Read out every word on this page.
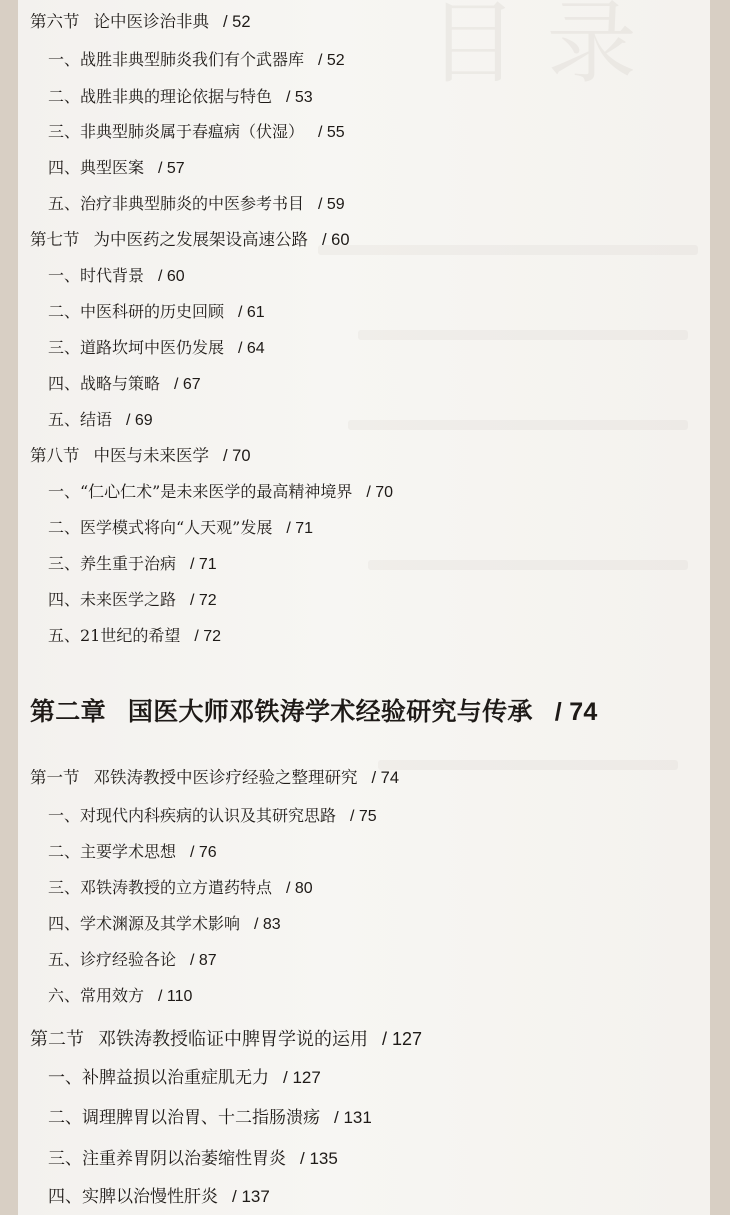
目 录
第六节 论中医诊治非典 / 52
一、战胜非典型肺炎我们有个武器库 / 52
二、战胜非典的理论依据与特色 / 53
三、非典型肺炎属于春瘟病（伏湿） / 55
四、典型医案 / 57
五、治疗非典型肺炎的中医参考书目 / 59
第七节 为中医药之发展架设高速公路 / 60
一、时代背景 / 60
二、中医科研的历史回顾 / 61
三、道路坎坷中医仍发展 / 64
四、战略与策略 / 67
五、结语 / 69
第八节 中医与未来医学 / 70
一、“仁心仁术”是未来医学的最高精神境界 / 70
二、医学模式将向“人天观”发展 / 71
三、养生重于治病 / 71
四、未来医学之路 / 72
五、21世纪的希望 / 72
第二章 国医大师邓铁涛学术经验研究与传承 / 74
第一节 邓铁涛教授中医诊疗经验之整理研究 / 74
一、对现代内科疾病的认识及其研究思路 / 75
二、主要学术思想 / 76
三、邓铁涛教授的立方遣药特点 / 80
四、学术渊源及其学术影响 / 83
五、诊疗经验各论 / 87
六、常用效方 / 110
第二节 邓铁涛教授临证中脾胃学说的运用 / 127
一、补脾益损以治重症肌无力 / 127
二、调理脾胃以治胃、十二指肠溃疡 / 131
三、注重养胃阴以治萎缩性胃炎 / 135
四、实脾以治慢性肝炎 / 137
